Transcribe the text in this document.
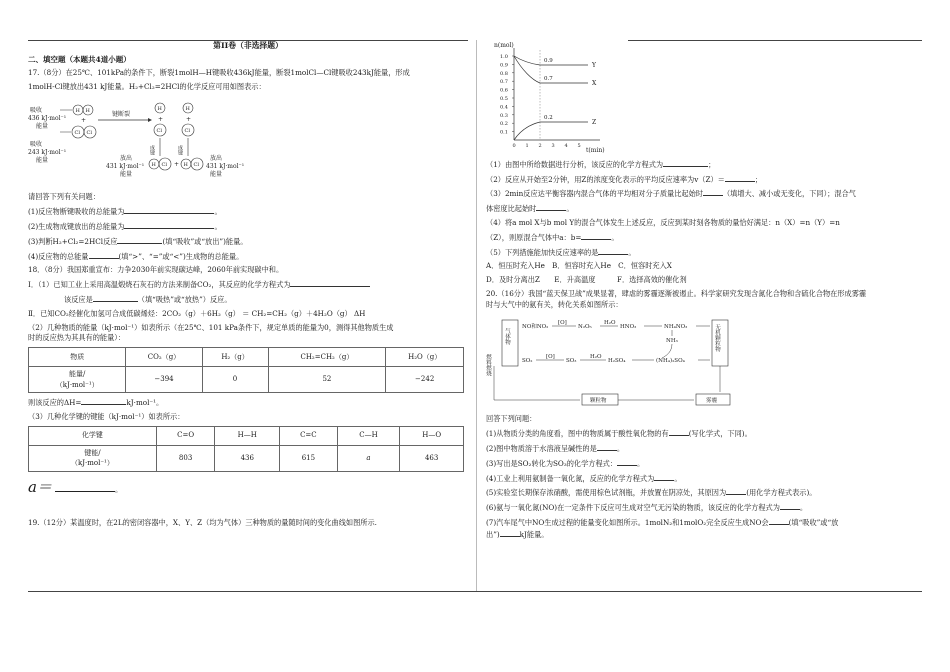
第II卷（非选择题）
二、填空题（本题共4道小题）

17.（8分）在25℃、101kPa的条件下，断裂1molH—H键吸收436kJ能量，断裂1molCl—Cl键吸收243kJ能量，形成

1molH-Cl键放出431 kJ能量。H₂+Cl₂=2HCl的化学反应可用如图表示：

吸收
436 kJ·mol⁻¹
能量
吸收
243 kJ·mol⁻¹
能量
键断裂
H H
+
Cl Cl
H	H
+	+
Cl	Cl
成键	成键
H Cl + H Cl
放出
431 kJ·mol⁻¹
能量
放出
431 kJ·mol⁻¹
能量

请回答下列有关问题：

(1)反应物断键吸收的总能量为	。

(2)生成物成键放出的总能量为	。

(3)判断H₂+Cl₂=2HCl反应	(填“吸收”或“放出”)能量。

(4)反应物的总能量	(填“>”、“=”或“<”)生成物的总能量。

18．（8分）我国郑重宣布：力争2030年前实现碳达峰，2060年前实现碳中和。

Ⅰ．（1）已知工业上采用高温煅烧石灰石的方法来制备CO₂，其反应的化学方程式为

该反应是	（填“吸热”或“放热”）反应。

Ⅱ．已知CO₂经催化加氢可合成低碳烯烃：2CO₂（g）＋6H₂（g） ＝ CH₂=CH₂（g）＋4H₂O（g） ΔH

（2）几种物质的能量（kJ·mol⁻¹）如表所示（在25℃、101 kPa条件下，规定单质的能量为0，测得其他物质生成

时的反应热为其具有的能量）：

物质	CO₂（g）	H₂（g）	CH₂=CH₂（g）	H₂O（g）

能量/
（kJ·mol⁻¹）	−394	0	52	−242

则该反应的ΔH=	kJ·mol⁻¹。

（3）几种化学键的键能（kJ·mol⁻¹）如表所示：

化学键	C=O	H—H	C=C	C—H	H—O

键能/
（kJ·mol⁻¹）	803	436	615	a	463

a＝	。

19.（12分）某温度时，在2L的密闭容器中，X、Y、Z（均为气体）三种物质的量随时间的变化曲线如图所示.

n(mol)
t(min)
1.0
0.9
0.8
0.7
0.6
0.5
0.4
0.3
0.2
0.1
0 1 2 3 4 5
0.9
0.7
0.2
Y
X
Z

（1）由图中所给数据进行分析，该反应的化学方程式为	；

（2）反应从开始至2分钟，用Z的浓度变化表示的平均反应速率为v（Z）＝	；

（3）2min反应达平衡容器内混合气体的平均相对分子质量比起始时	（填增大、减小或无变化，下同）；混合气

体密度比起始时	。

（4）将a mol X与b mol Y的混合气体发生上述反应，反应到某时刻各物质的量恰好满足：n（X）=n（Y）=n

（Z），则原混合气体中a：b=	。

（5）下列措施能加快反应速率的是	。

A．恒压时充入He　B．恒容时充入He　C．恒容时充入X

D．及时分离出Z　　E．升高温度　　　F．选择高效的催化剂

20.（16分）我国“蓝天保卫战”成果显著，肆虐的雾霾逐渐被遏止。科学家研究发现含氮化合物和含硫化合物在形成雾霾

时与大气中的氨有关，转化关系如图所示：

燃料燃烧
气体物
NO和NO₂
[O]
N₂O₅
H₂O
HNO₃	NH₄NO₃
NH₃
SO₂
[O]
SO₃
H₂O
H₂SO₄	(NH₄)₂SO₄
无机颗粒物
颗粒物	雾霾

回答下列问题：

(1)从物质分类的角度看，图中的物质属于酸性氧化物的有	(写化学式，下同)。

(2)图中物质溶于水溶液呈碱性的是	。

(3)写出是SO₂转化为SO₃的化学方程式：	。

(4)工业上利用氨制备一氧化氮，反应的化学方程式为	。

(5)实验室长期保存浓硝酸，需使用棕色试剂瓶，并放置在阴凉处，其原因为	(用化学方程式表示)。

(6)氨与一氧化氮(NO)在一定条件下反应可生成对空气无污染的物质，该反应的化学方程式为	。

(7)汽车尾气中NO生成过程的能量变化如图所示。1molN₂和1molO₂完全反应生成NO会	(填“吸收”或“放

出”)	kJ能量。
